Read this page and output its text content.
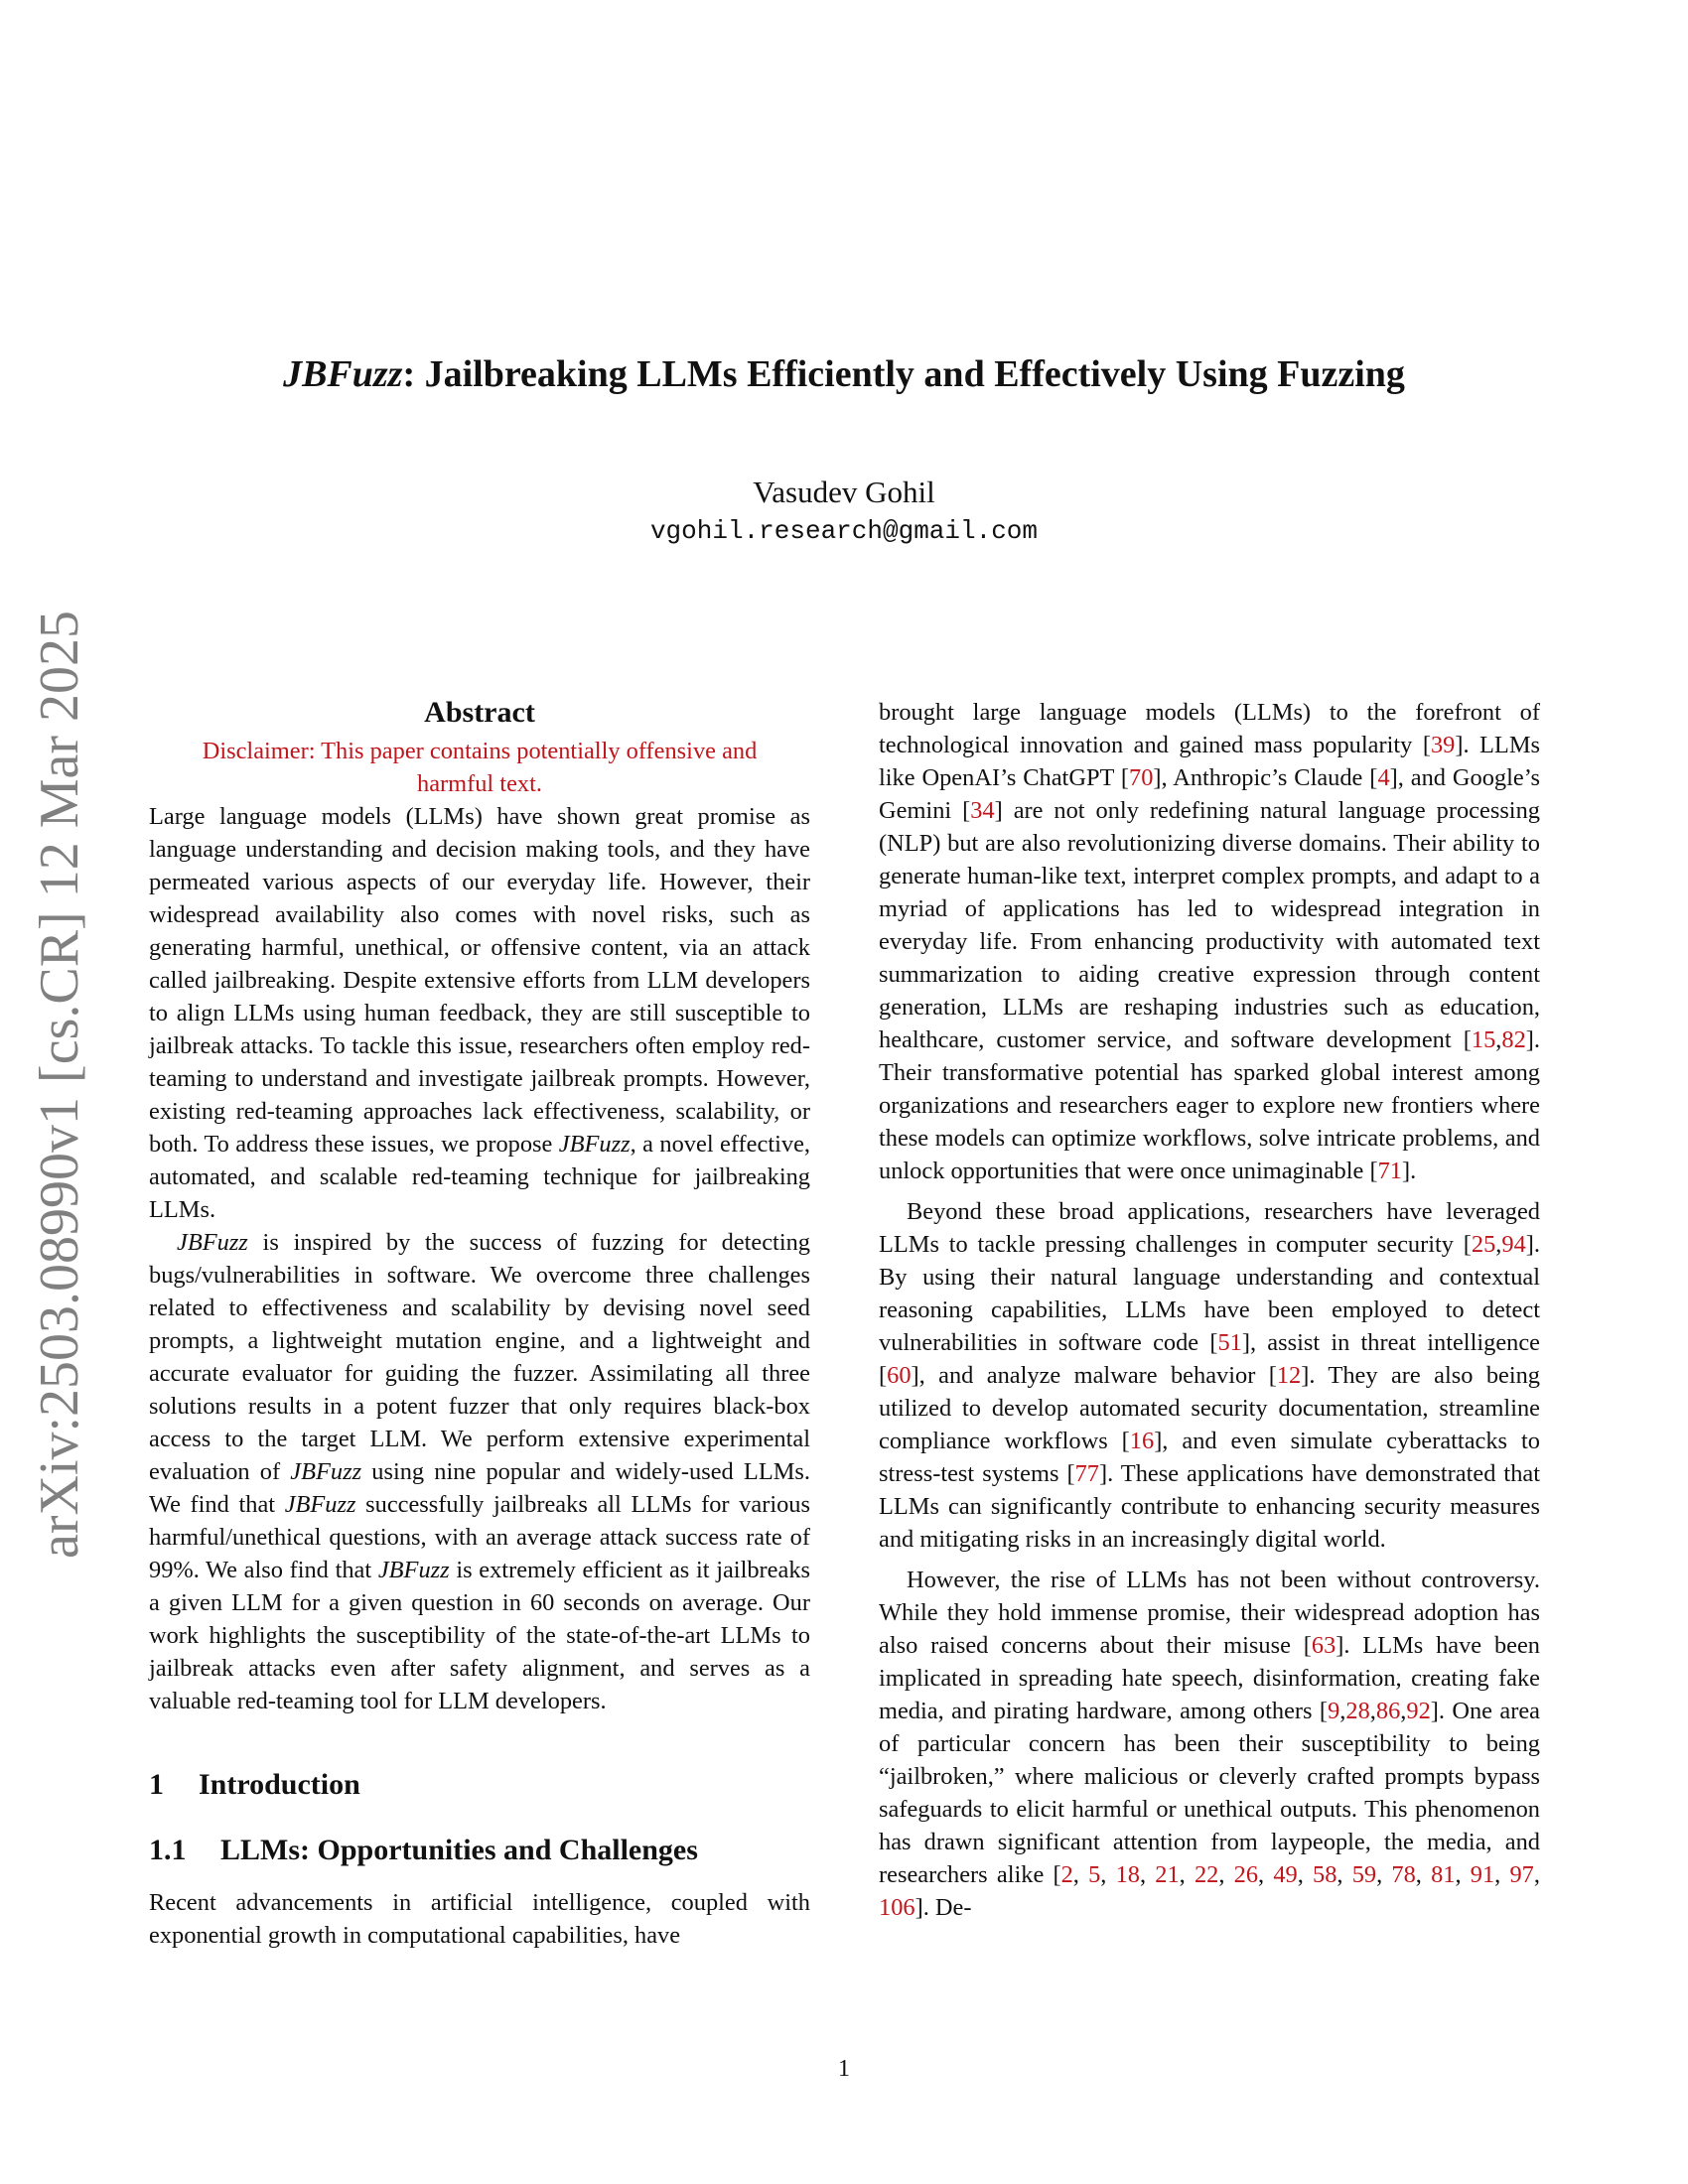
arXiv:2503.08990v1 [cs.CR] 12 Mar 2025
JBFuzz: Jailbreaking LLMs Efficiently and Effectively Using Fuzzing
Vasudev Gohil
vgohil.research@gmail.com
Abstract
Disclaimer: This paper contains potentially offensive and harmful text.

Large language models (LLMs) have shown great promise as language understanding and decision making tools, and they have permeated various aspects of our everyday life. However, their widespread availability also comes with novel risks, such as generating harmful, unethical, or offensive content, via an attack called jailbreaking. Despite extensive efforts from LLM developers to align LLMs using human feedback, they are still susceptible to jailbreak attacks. To tackle this issue, researchers often employ red-teaming to understand and investigate jailbreak prompts. However, existing red-teaming approaches lack effectiveness, scalability, or both. To address these issues, we propose JBFuzz, a novel effective, automated, and scalable red-teaming technique for jailbreaking LLMs.

JBFuzz is inspired by the success of fuzzing for detecting bugs/vulnerabilities in software. We overcome three challenges related to effectiveness and scalability by devising novel seed prompts, a lightweight mutation engine, and a lightweight and accurate evaluator for guiding the fuzzer. Assimilating all three solutions results in a potent fuzzer that only requires black-box access to the target LLM. We perform extensive experimental evaluation of JBFuzz using nine popular and widely-used LLMs. We find that JBFuzz successfully jailbreaks all LLMs for various harmful/unethical questions, with an average attack success rate of 99%. We also find that JBFuzz is extremely efficient as it jailbreaks a given LLM for a given question in 60 seconds on average. Our work highlights the susceptibility of the state-of-the-art LLMs to jailbreak attacks even after safety alignment, and serves as a valuable red-teaming tool for LLM developers.

1 Introduction
1.1 LLMs: Opportunities and Challenges

Recent advancements in artificial intelligence, coupled with exponential growth in computational capabilities, have

brought large language models (LLMs) to the forefront of technological innovation and gained mass popularity [39]. LLMs like OpenAI’s ChatGPT [70], Anthropic’s Claude [4], and Google’s Gemini [34] are not only redefining natural language processing (NLP) but are also revolutionizing diverse domains. Their ability to generate human-like text, interpret complex prompts, and adapt to a myriad of applications has led to widespread integration in everyday life. From enhancing productivity with automated text summarization to aiding creative expression through content generation, LLMs are reshaping industries such as education, healthcare, customer service, and software development [15,82]. Their transformative potential has sparked global interest among organizations and researchers eager to explore new frontiers where these models can optimize workflows, solve intricate problems, and unlock opportunities that were once unimaginable [71].

Beyond these broad applications, researchers have leveraged LLMs to tackle pressing challenges in computer security [25,94]. By using their natural language understanding and contextual reasoning capabilities, LLMs have been employed to detect vulnerabilities in software code [51], assist in threat intelligence [60], and analyze malware behavior [12]. They are also being utilized to develop automated security documentation, streamline compliance workflows [16], and even simulate cyberattacks to stress-test systems [77]. These applications have demonstrated that LLMs can significantly contribute to enhancing security measures and mitigating risks in an increasingly digital world.

However, the rise of LLMs has not been without controversy. While they hold immense promise, their widespread adoption has also raised concerns about their misuse [63]. LLMs have been implicated in spreading hate speech, disinformation, creating fake media, and pirating hardware, among others [9,28,86,92]. One area of particular concern has been their susceptibility to being “jailbroken,” where malicious or cleverly crafted prompts bypass safeguards to elicit harmful or unethical outputs. This phenomenon has drawn significant attention from laypeople, the media, and researchers alike [2, 5, 18, 21, 22, 26, 49, 58, 59, 78, 81, 91, 97, 106]. De-

1
